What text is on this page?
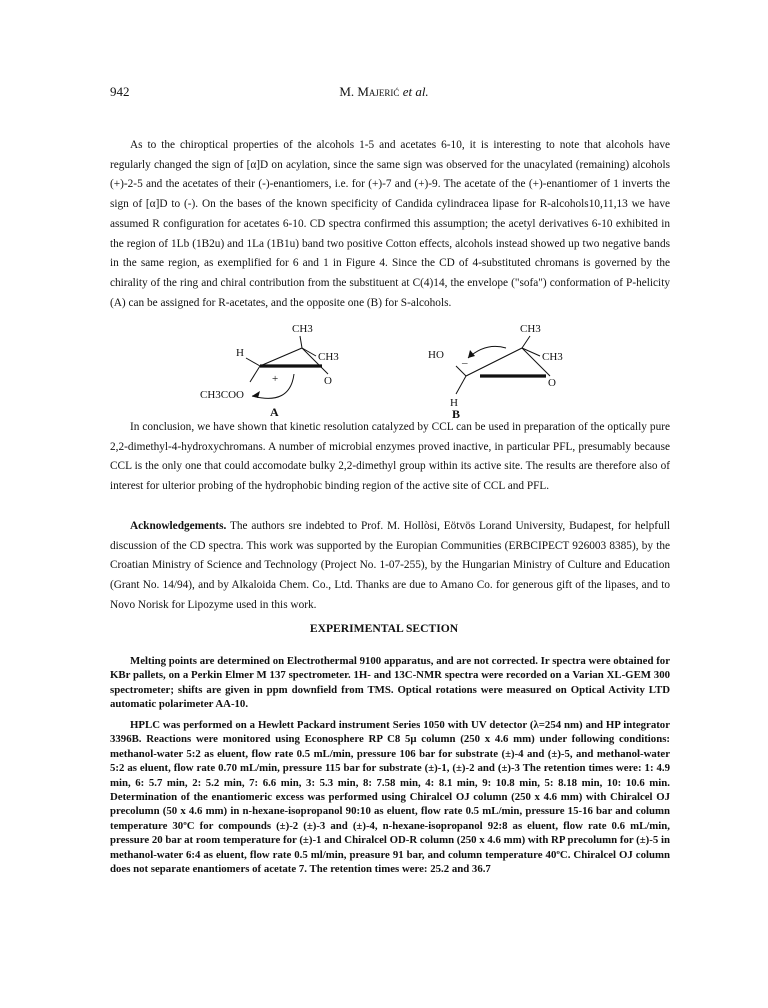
942	M. Majerić et al.

As to the chiroptical properties of the alcohols 1-5 and acetates 6-10, it is interesting to note that alcohols have regularly changed the sign of [α]D on acylation, since the same sign was observed for the unacylated (remaining) alcohols (+)-2-5 and the acetates of their (-)-enantiomers, i.e. for (+)-7 and (+)-9. The acetate of the (+)-enantiomer of 1 inverts the sign of [α]D to (-). On the bases of the known specificity of Candida cylindracea lipase for R-alcohols10,11,13 we have assumed R configuration for acetates 6-10. CD spectra confirmed this assumption; the acetyl derivatives 6-10 exhibited in the region of 1Lb (1B2u) and 1La (1B1u) band two positive Cotton effects, alcohols instead showed up two negative bands in the same region, as exemplified for 6 and 1 in Figure 4. Since the CD of 4-substituted chromans is governed by the chirality of the ring and chiral contribution from the substituent at C(4)14, the envelope ("sofa") conformation of P-helicity (A) can be assigned for R-acetates, and the opposite one (B) for S-alcohols.

CH3
H	CH3
O
CH3COO
+
A
CH3
HO _	CH3
O
H
B

In conclusion, we have shown that kinetic resolution catalyzed by CCL can be used in preparation of the optically pure 2,2-dimethyl-4-hydroxychromans. A number of microbial enzymes proved inactive, in particular PFL, presumably because CCL is the only one that could accomodate bulky 2,2-dimethyl group within its active site. The results are therefore also of interest for ulterior probing of the hydrophobic binding region of the active site of CCL and PFL.

Acknowledgements. The authors sre indebted to Prof. M. Hollòsi, Eötvös Lorand University, Budapest, for helpfull discussion of the CD spectra. This work was supported by the Europian Communities (ERBCIPECT 926003 8385), by the Croatian Ministry of Science and Technology (Project No. 1-07-255), by the Hungarian Ministry of Culture and Education (Grant No. 14/94), and by Alkaloida Chem. Co., Ltd. Thanks are due to Amano Co. for generous gift of the lipases, and to Novo Norisk for Lipozyme used in this work.

EXPERIMENTAL SECTION

Melting points are determined on Electrothermal 9100 apparatus, and are not corrected. Ir spectra were obtained for KBr pallets, on a Perkin Elmer M 137 spectrometer. 1H- and 13C-NMR spectra were recorded on a Varian XL-GEM 300 spectrometer; shifts are given in ppm downfield from TMS. Optical rotations were measured on Optical Activity LTD automatic polarimeter AA-10.

HPLC was performed on a Hewlett Packard instrument Series 1050 with UV detector (λ=254 nm) and HP integrator 3396B. Reactions were monitored using Econosphere RP C8 5μ column (250 x 4.6 mm) under following conditions: methanol-water 5:2 as eluent, flow rate 0.5 mL/min, pressure 106 bar for substrate (±)-4 and (±)-5, and methanol-water 5:2 as eluent, flow rate 0.70 mL/min, pressure 115 bar for substrate (±)-1, (±)-2 and (±)-3 The retention times were: 1: 4.9 min, 6: 5.7 min, 2: 5.2 min, 7: 6.6 min, 3: 5.3 min, 8: 7.58 min, 4: 8.1 min, 9: 10.8 min, 5: 8.18 min, 10: 10.6 min. Determination of the enantiomeric excess was performed using Chiralcel OJ column (250 x 4.6 mm) with Chiralcel OJ precolumn (50 x 4.6 mm) in n-hexane-isopropanol 90:10 as eluent, flow rate 0.5 mL/min, pressure 15-16 bar and column temperature 30ºC for compounds (±)-2 (±)-3 and (±)-4, n-hexane-isopropanol 92:8 as eluent, flow rate 0.6 mL/min, pressure 20 bar at room temperature for (±)-1 and Chiralcel OD-R column (250 x 4.6 mm) with RP precolumn for (±)-5 in methanol-water 6:4 as eluent, flow rate 0.5 ml/min, preasure 91 bar, and column temperature 40ºC. Chiralcel OJ column does not separate enantiomers of acetate 7. The retention times were: 25.2 and 36.7
